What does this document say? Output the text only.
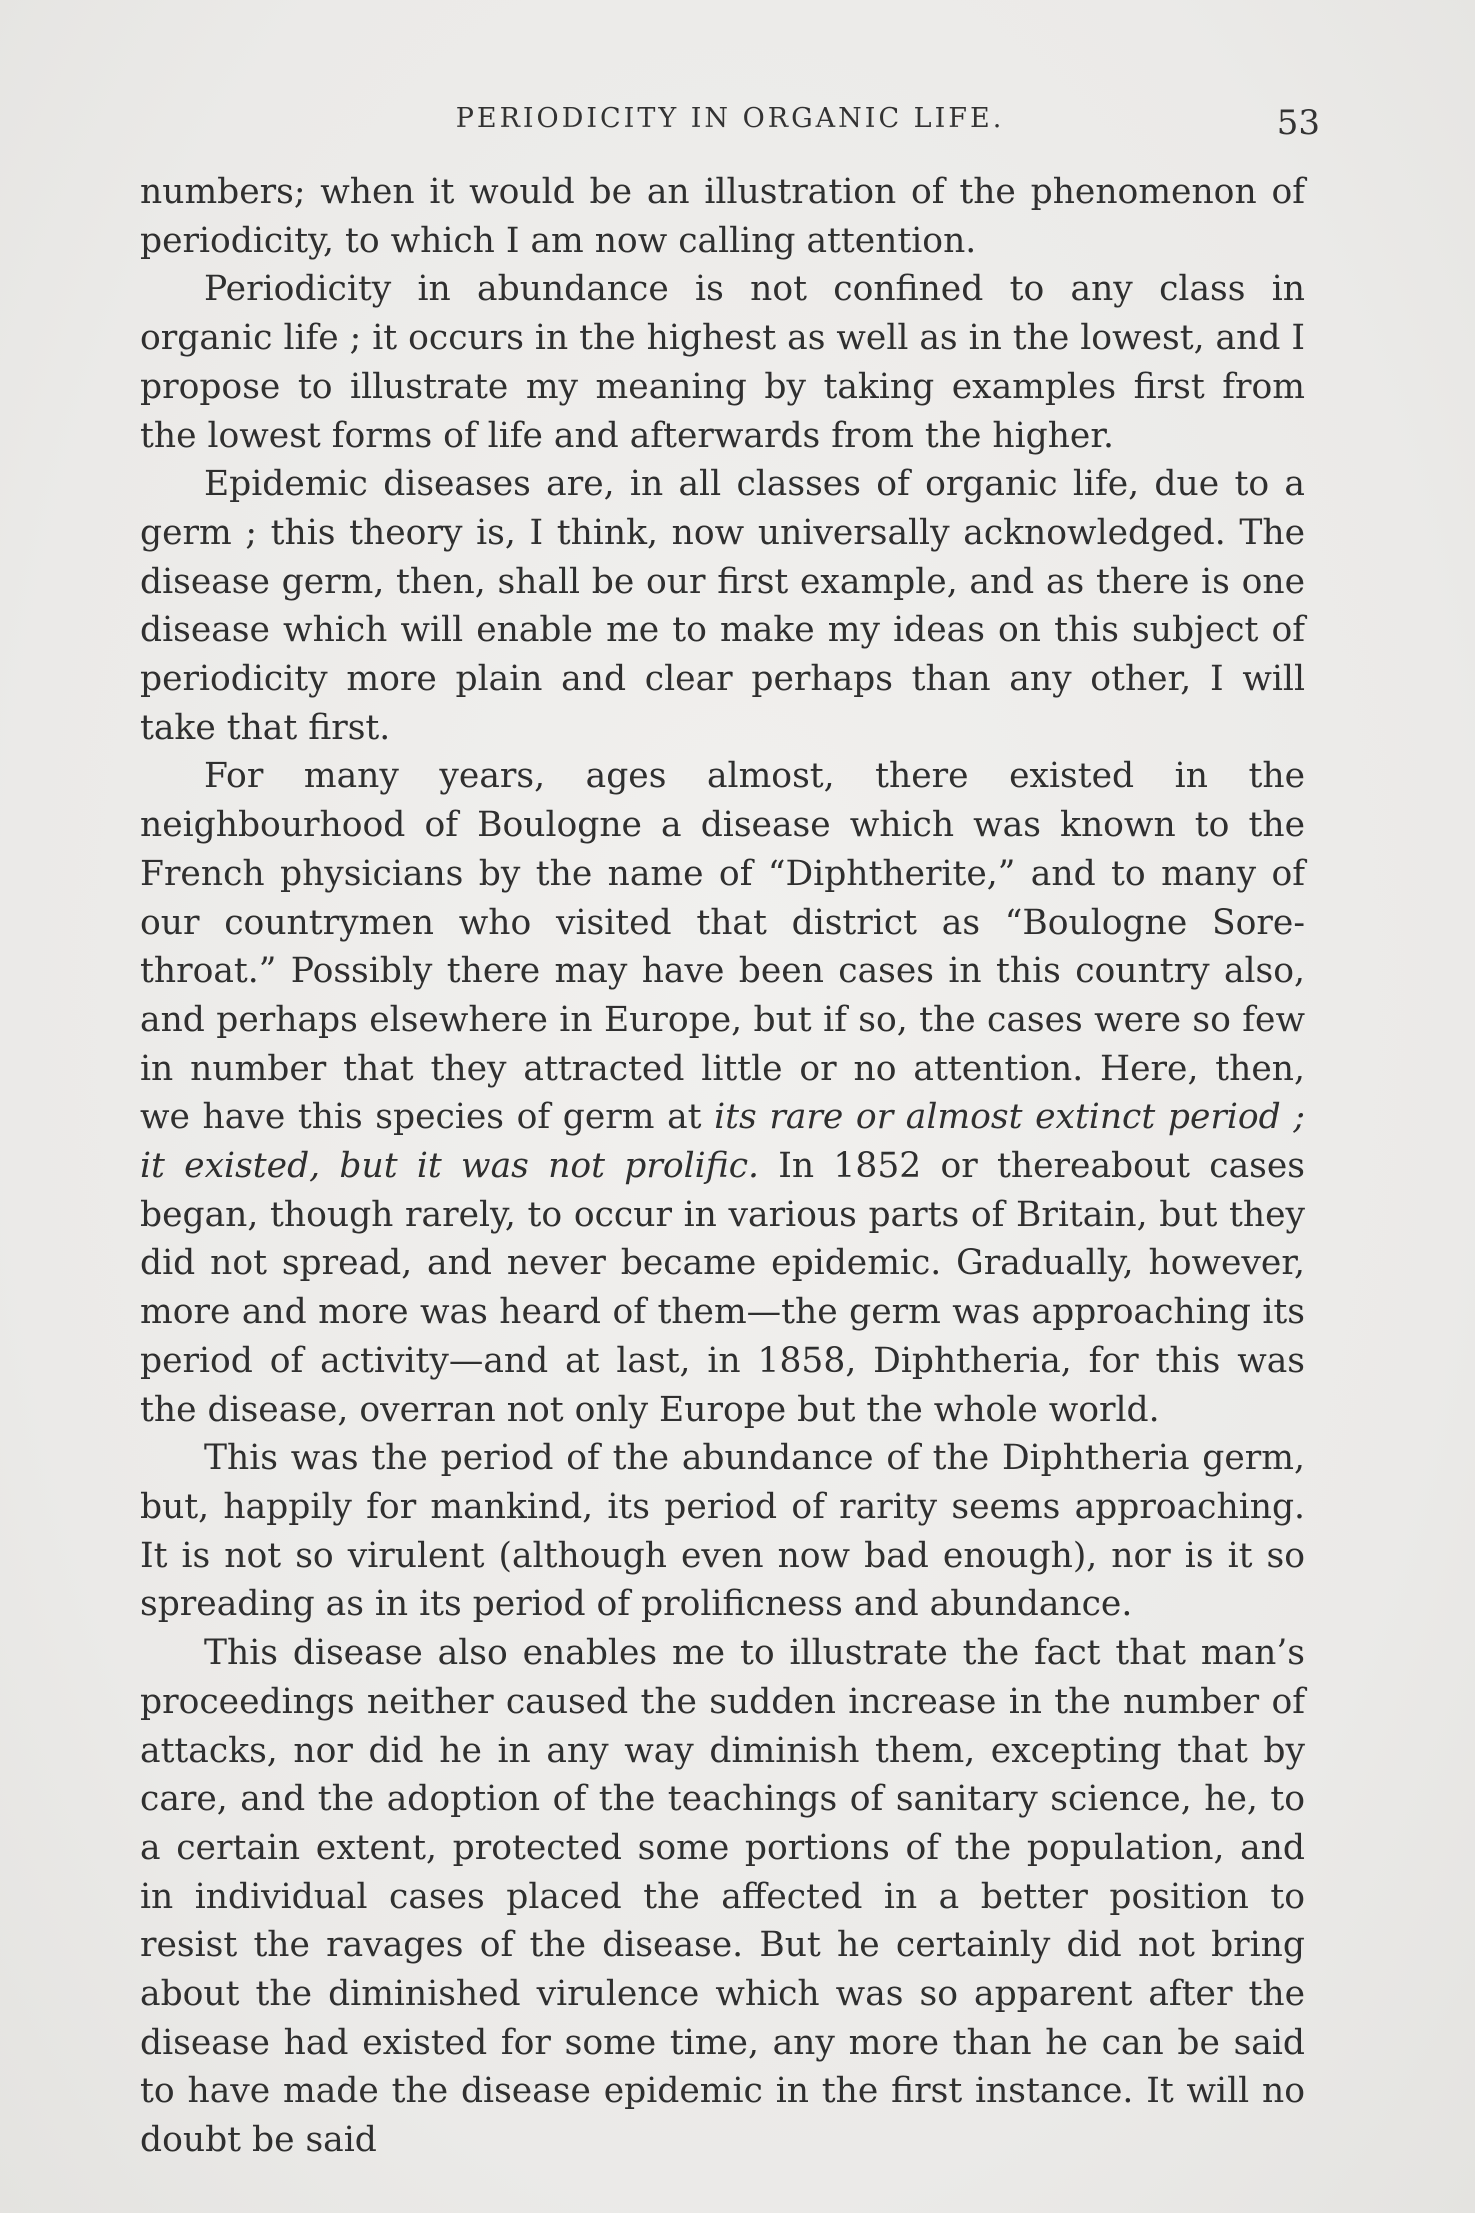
PERIODICITY IN ORGANIC LIFE.	53

numbers; when it would be an illustration of the phenomenon of periodicity, to which I am now calling attention.

Periodicity in abundance is not confined to any class in organic life ; it occurs in the highest as well as in the lowest, and I propose to illustrate my meaning by taking examples first from the lowest forms of life and afterwards from the higher.

Epidemic diseases are, in all classes of organic life, due to a germ ; this theory is, I think, now universally acknowledged. The disease germ, then, shall be our first example, and as there is one disease which will enable me to make my ideas on this subject of periodicity more plain and clear perhaps than any other, I will take that first.

For many years, ages almost, there existed in the neighbourhood of Boulogne a disease which was known to the French physicians by the name of “Diphtherite,” and to many of our countrymen who visited that district as “Boulogne Sore-throat.” Possibly there may have been cases in this country also, and perhaps elsewhere in Europe, but if so, the cases were so few in number that they attracted little or no attention. Here, then, we have this species of germ at its rare or almost extinct period ; it existed, but it was not prolific. In 1852 or thereabout cases began, though rarely, to occur in various parts of Britain, but they did not spread, and never became epidemic. Gradually, however, more and more was heard of them—the germ was approaching its period of activity—and at last, in 1858, Diphtheria, for this was the disease, overran not only Europe but the whole world.

This was the period of the abundance of the Diphtheria germ, but, happily for mankind, its period of rarity seems approaching. It is not so virulent (although even now bad enough), nor is it so spreading as in its period of prolificness and abundance.

This disease also enables me to illustrate the fact that man’s proceedings neither caused the sudden increase in the number of attacks, nor did he in any way diminish them, excepting that by care, and the adoption of the teachings of sanitary science, he, to a certain extent, protected some portions of the population, and in individual cases placed the affected in a better position to resist the ravages of the disease. But he certainly did not bring about the diminished virulence which was so apparent after the disease had existed for some time, any more than he can be said to have made the disease epidemic in the first instance. It will no doubt be said
